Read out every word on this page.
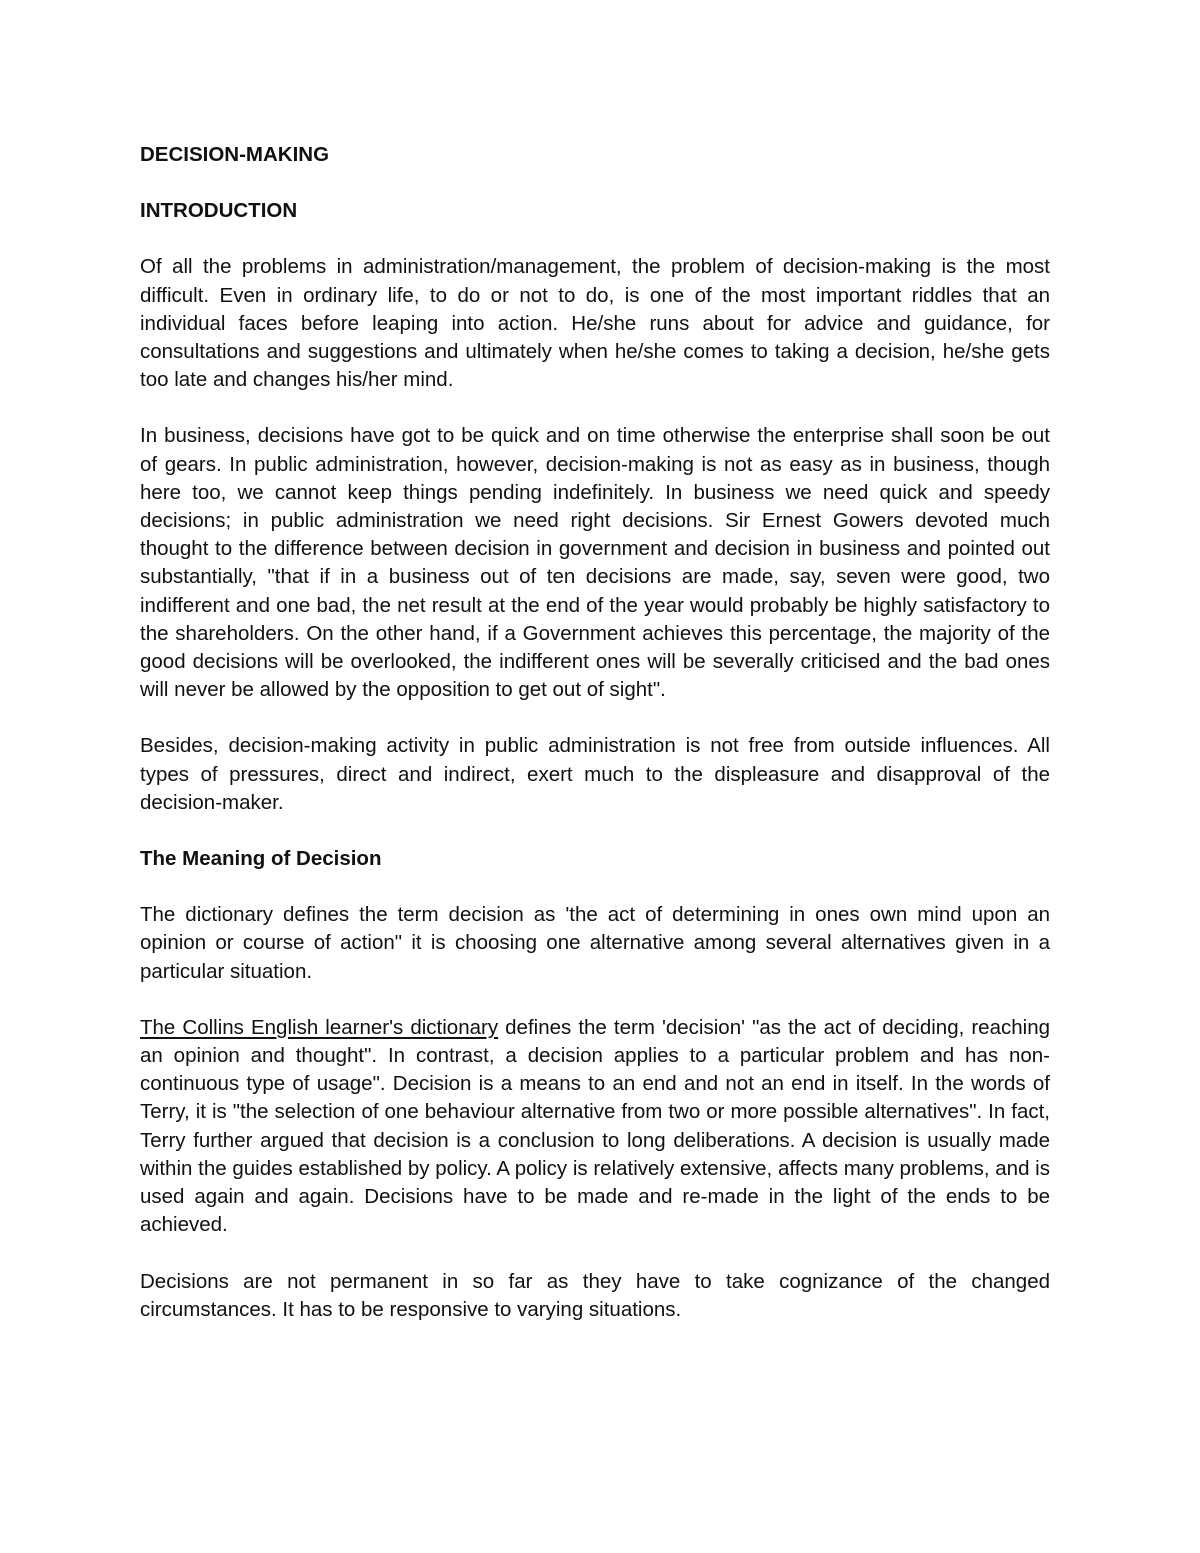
DECISION-MAKING
INTRODUCTION

Of all the problems in administration/management, the problem of decision-making is the most difficult. Even in ordinary life, to do or not to do, is one of the most important riddles that an individual faces before leaping into action. He/she runs about for advice and guidance, for consultations and suggestions and ultimately when he/she comes to taking a decision, he/she gets too late and changes his/her mind.

In business, decisions have got to be quick and on time otherwise the enterprise shall soon be out of gears. In public administration, however, decision-making is not as easy as in business, though here too, we cannot keep things pending indefinitely. In business we need quick and speedy decisions; in public administration we need right decisions. Sir Ernest Gowers devoted much thought to the difference between decision in government and decision in business and pointed out substantially, "that if in a business out of ten decisions are made, say, seven were good, two indifferent and one bad, the net result at the end of the year would probably be highly satisfactory to the shareholders. On the other hand, if a Government achieves this percentage, the majority of the good decisions will be overlooked, the indifferent ones will be severally criticised and the bad ones will never be allowed by the opposition to get out of sight".

Besides, decision-making activity in public administration is not free from outside influences. All types of pressures, direct and indirect, exert much to the displeasure and disapproval of the decision-maker.

The Meaning of Decision

The dictionary defines the term decision as 'the act of determining in ones own mind upon an opinion or course of action" it is choosing one alternative among several alternatives given in a particular situation.

The Collins English learner's dictionary defines the term 'decision' "as the act of deciding, reaching an opinion and thought". In contrast, a decision applies to a particular problem and has non-continuous type of usage". Decision is a means to an end and not an end in itself. In the words of Terry, it is "the selection of one behaviour alternative from two or more possible alternatives". In fact, Terry further argued that decision is a conclusion to long deliberations. A decision is usually made within the guides established by policy. A policy is relatively extensive, affects many problems, and is used again and again. Decisions have to be made and re-made in the light of the ends to be achieved.

Decisions are not permanent in so far as they have to take cognizance of the changed circumstances. It has to be responsive to varying situations.
